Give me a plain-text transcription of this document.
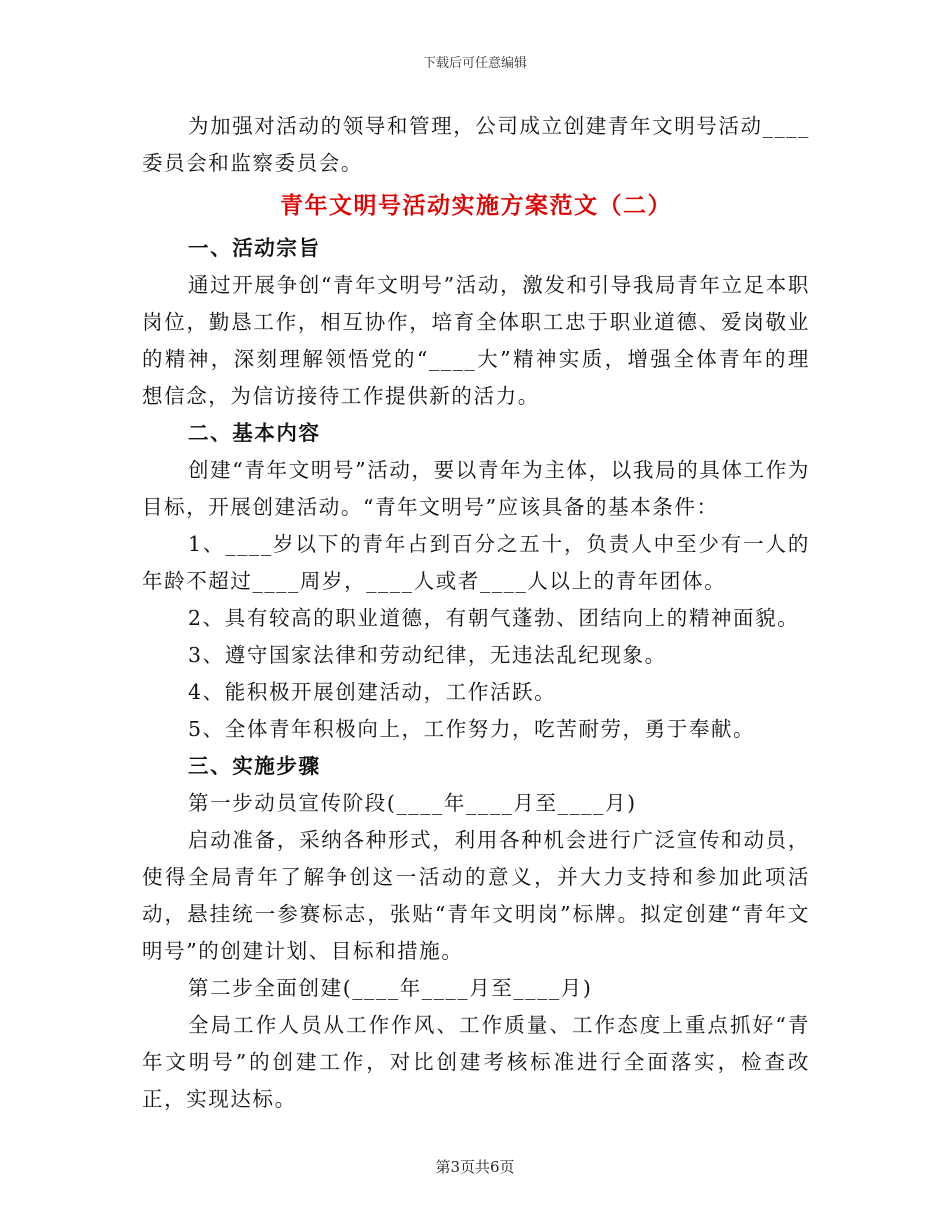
下载后可任意编辑

为加强对活动的领导和管理，公司成立创建青年文明号活动____委员会和监察委员会。

青年文明号活动实施方案范文（二）

一、活动宗旨

通过开展争创“青年文明号”活动，激发和引导我局青年立足本职岗位，勤恳工作，相互协作，培育全体职工忠于职业道德、爱岗敬业的精神，深刻理解领悟党的“____大”精神实质，增强全体青年的理想信念，为信访接待工作提供新的活力。

二、基本内容

创建“青年文明号”活动，要以青年为主体，以我局的具体工作为目标，开展创建活动。“青年文明号”应该具备的基本条件：

1、____岁以下的青年占到百分之五十，负责人中至少有一人的年龄不超过____周岁，____人或者____人以上的青年团体。

2、具有较高的职业道德，有朝气蓬勃、团结向上的精神面貌。

3、遵守国家法律和劳动纪律，无违法乱纪现象。

4、能积极开展创建活动，工作活跃。

5、全体青年积极向上，工作努力，吃苦耐劳，勇于奉献。

三、实施步骤

第一步动员宣传阶段(____年____月至____月)

启动准备，采纳各种形式，利用各种机会进行广泛宣传和动员，使得全局青年了解争创这一活动的意义，并大力支持和参加此项活动，悬挂统一参赛标志，张贴“青年文明岗”标牌。拟定创建“青年文明号”的创建计划、目标和措施。

第二步全面创建(____年____月至____月)

全局工作人员从工作作风、工作质量、工作态度上重点抓好“青年文明号”的创建工作，对比创建考核标准进行全面落实，检查改正，实现达标。

第3页共6页
